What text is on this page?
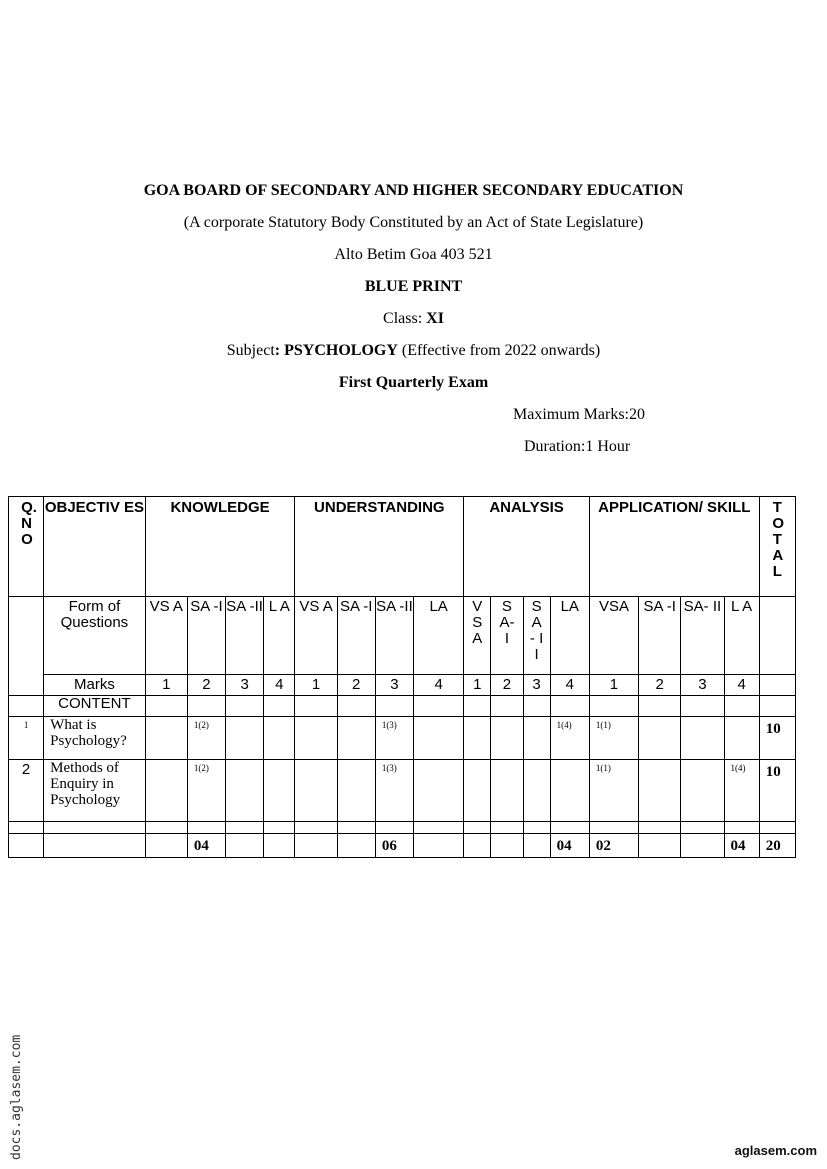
GOA BOARD OF SECONDARY AND HIGHER SECONDARY EDUCATION
(A corporate Statutory Body Constituted by an Act of State Legislature)
Alto Betim Goa 403 521
BLUE PRINT
Class: XI
Subject: PSYCHOLOGY (Effective from 2022 onwards)
First Quarterly Exam
Maximum Marks:20
Duration:1 Hour
Q. N O	OBJECTIV ES	KNOWLEDGE				UNDERSTANDING				ANALYSIS				APPLICATION/ SKILL				T O T A L
	Form of Questions	VS A	SA -I	SA -II	L A	VS A	SA -I	SA -II	LA	V S A	S A- I	S A - II	LA	VSA	SA -I	SA- II	L A	
	Marks	1	2	3	4	1	2	3	4	1	2	3	4	1	2	3	4	
	CONTENT																	
1	What is Psychology?		1(2)					1(3)					1(4)	1(1)				10
2	Methods of Enquiry in Psychology		1(2)					1(3)						1(1)			1(4)	10

			04					06					04	02			04	20
docs.aglasem.com	aglasem.com
